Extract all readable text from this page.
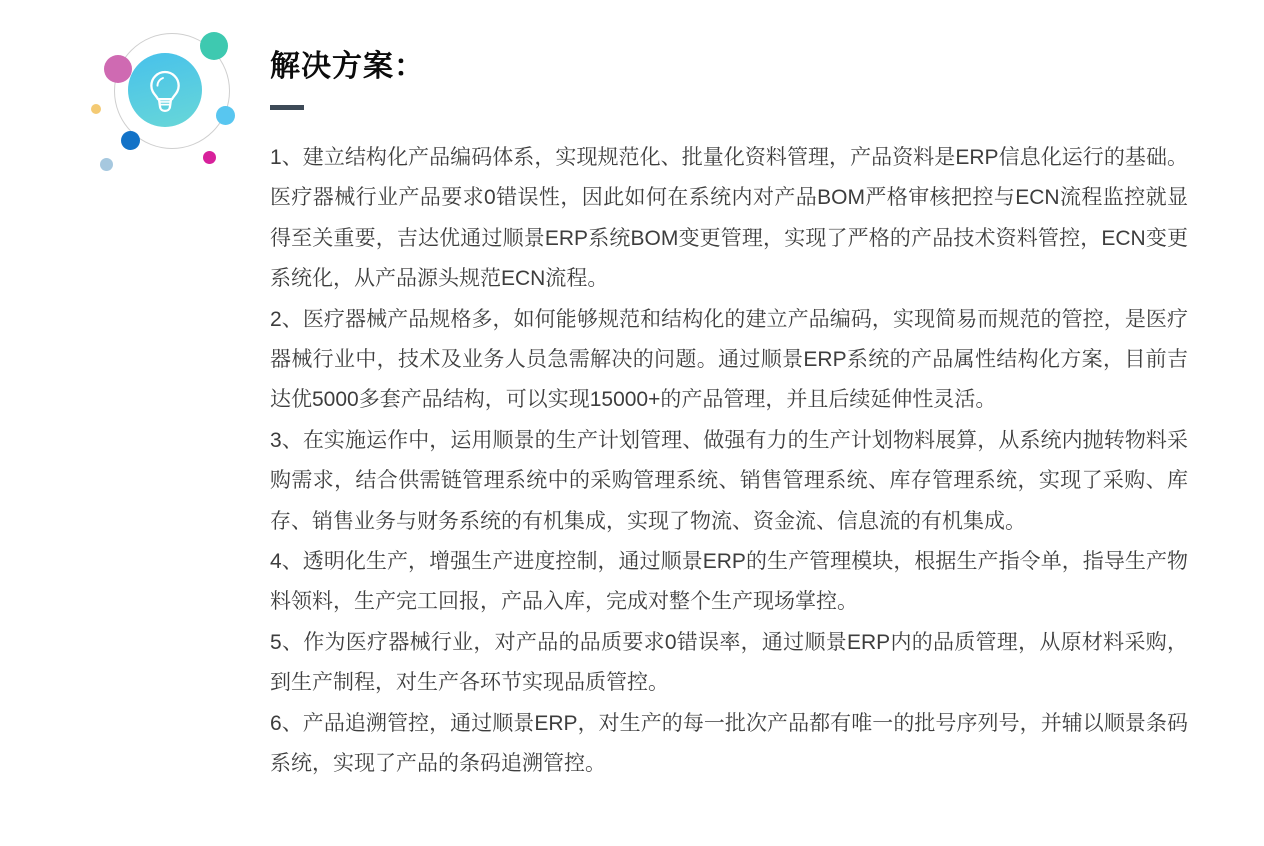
解决方案：

1、建立结构化产品编码体系，实现规范化、批量化资料管理，产品资料是ERP信息化运行的基础。医疗器械行业产品要求0错误性，因此如何在系统内对产品BOM严格审核把控与ECN流程监控就显得至关重要，吉达优通过顺景ERP系统BOM变更管理，实现了严格的产品技术资料管控，ECN变更系统化，从产品源头规范ECN流程。

2、医疗器械产品规格多，如何能够规范和结构化的建立产品编码，实现简易而规范的管控，是医疗器械行业中，技术及业务人员急需解决的问题。通过顺景ERP系统的产品属性结构化方案，目前吉达优5000多套产品结构，可以实现15000+的产品管理，并且后续延伸性灵活。

3、在实施运作中，运用顺景的生产计划管理、做强有力的生产计划物料展算，从系统内抛转物料采购需求，结合供需链管理系统中的采购管理系统、销售管理系统、库存管理系统，实现了采购、库存、销售业务与财务系统的有机集成，实现了物流、资金流、信息流的有机集成。

4、透明化生产，增强生产进度控制，通过顺景ERP的生产管理模块，根据生产指令单，指导生产物料领料，生产完工回报，产品入库，完成对整个生产现场掌控。

5、作为医疗器械行业，对产品的品质要求0错误率，通过顺景ERP内的品质管理，从原材料采购，到生产制程，对生产各环节实现品质管控。

6、产品追溯管控，通过顺景ERP，对生产的每一批次产品都有唯一的批号序列号，并辅以顺景条码系统，实现了产品的条码追溯管控。
